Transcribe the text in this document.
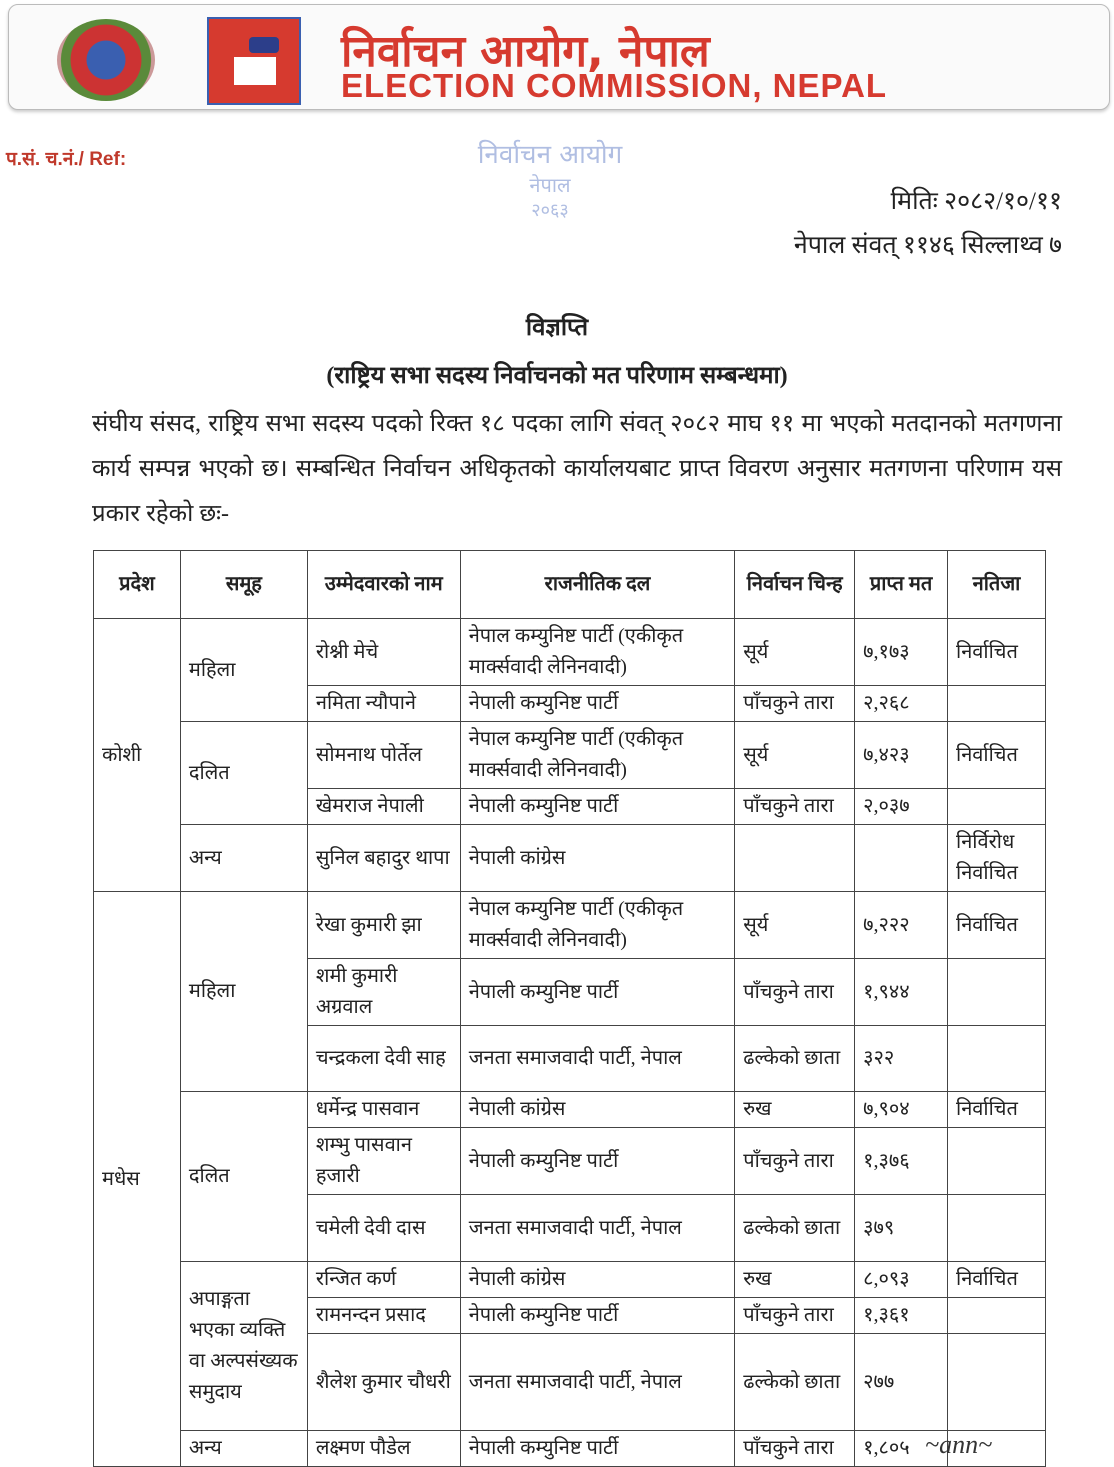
निर्वाचन आयोग, नेपाल
ELECTION COMMISSION, NEPAL
प.सं. च.नं./ Ref:	निर्वाचन आयोग
नेपाल
२०६३	मितिः २०८२/१०/११
नेपाल संवत् ११४६ सिल्लाथ्व ७
विज्ञप्ति
(राष्ट्रिय सभा सदस्य निर्वाचनको मत परिणाम सम्बन्धमा)
संघीय संसद, राष्ट्रिय सभा सदस्य पदको रिक्त १८ पदका लागि संवत् २०८२ माघ ११ मा भएको मतदानको मतगणना कार्य सम्पन्न भएको छ। सम्बन्धित निर्वाचन अधिकृतको कार्यालयबाट प्राप्त विवरण अनुसार मतगणना परिणाम यस प्रकार रहेको छः-
प्रदेश	समूह	उम्मेदवारको नाम	राजनीतिक दल	निर्वाचन चिन्ह	प्राप्त मत	नतिजा
कोशी	महिला	रोश्नी मेचे	नेपाल कम्युनिष्ट पार्टी (एकीकृत मार्क्सवादी लेनिनवादी)	सूर्य	७,१७३	निर्वाचित
		नमिता न्यौपाने	नेपाली कम्युनिष्ट पार्टी	पाँचकुने तारा	२,२६८	
	दलित	सोमनाथ पोर्तेल	नेपाल कम्युनिष्ट पार्टी (एकीकृत मार्क्सवादी लेनिनवादी)	सूर्य	७,४२३	निर्वाचित
		खेमराज नेपाली	नेपाली कम्युनिष्ट पार्टी	पाँचकुने तारा	२,०३७	
	अन्य	सुनिल बहादुर थापा	नेपाली कांग्रेस			निर्विरोध निर्वाचित
मधेस	महिला	रेखा कुमारी झा	नेपाल कम्युनिष्ट पार्टी (एकीकृत मार्क्सवादी लेनिनवादी)	सूर्य	७,२२२	निर्वाचित
		शमी कुमारी अग्रवाल	नेपाली कम्युनिष्ट पार्टी	पाँचकुने तारा	१,९४४	
		चन्द्रकला देवी साह	जनता समाजवादी पार्टी, नेपाल	ढल्केको छाता	३२२	
	दलित	धर्मेन्द्र पासवान	नेपाली कांग्रेस	रुख	७,९०४	निर्वाचित
		शम्भु पासवान हजारी	नेपाली कम्युनिष्ट पार्टी	पाँचकुने तारा	१,३७६	
		चमेली देवी दास	जनता समाजवादी पार्टी, नेपाल	ढल्केको छाता	३७९	
	अपाङ्गता भएका व्यक्ति वा अल्पसंख्यक समुदाय	रन्जित कर्ण	नेपाली कांग्रेस	रुख	८,०९३	निर्वाचित
		रामनन्दन प्रसाद	नेपाली कम्युनिष्ट पार्टी	पाँचकुने तारा	१,३६१	
		शैलेश कुमार चौधरी	जनता समाजवादी पार्टी, नेपाल	ढल्केको छाता	२७७	
	अन्य	लक्ष्मण पौडेल	नेपाली कम्युनिष्ट पार्टी	पाँचकुने तारा	१,८०५	~ann~
